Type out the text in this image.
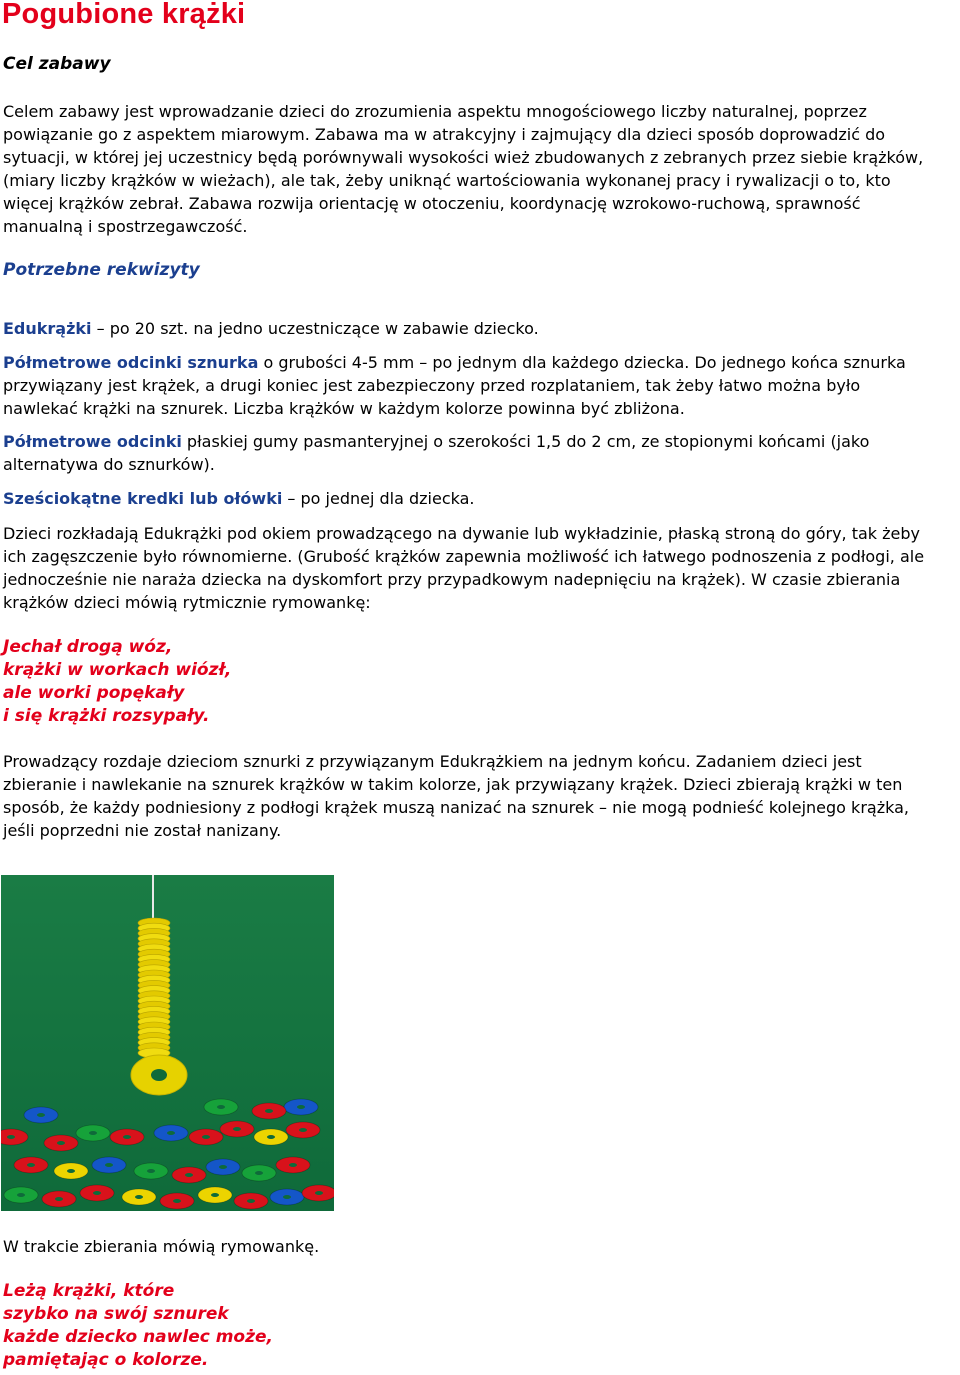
Pogubione krążki
Cel zabawy
Celem zabawy jest wprowadzanie dzieci do zrozumienia aspektu mnogościowego liczby naturalnej, poprzez
powiązanie go z aspektem miarowym. Zabawa ma w atrakcyjny i zajmujący dla dzieci sposób doprowadzić do
sytuacji, w której jej uczestnicy będą porównywali wysokości wież zbudowanych z zebranych przez siebie krążków,
(miary liczby krążków w wieżach), ale tak, żeby uniknąć wartościowania wykonanej pracy i rywalizacji o to, kto
więcej krążków zebrał. Zabawa rozwija orientację w otoczeniu, koordynację wzrokowo-ruchową, sprawność
manualną i spostrzegawczość.
Potrzebne rekwizyty
Edukrążki – po 20 szt. na jedno uczestniczące w zabawie dziecko.
Półmetrowe odcinki sznurka o grubości 4-5 mm – po jednym dla każdego dziecka. Do jednego końca sznurka
przywiązany jest krążek, a drugi koniec jest zabezpieczony przed rozplataniem, tak żeby łatwo można było
nawlekać krążki na sznurek. Liczba krążków w każdym kolorze powinna być zbliżona.
Półmetrowe odcinki płaskiej gumy pasmanteryjnej o szerokości 1,5 do 2 cm, ze stopionymi końcami (jako
alternatywa do sznurków).
Sześciokątne kredki lub ołówki – po jednej dla dziecka.
Dzieci rozkładają Edukrążki pod okiem prowadzącego na dywanie lub wykładzinie, płaską stroną do góry, tak żeby
ich zagęszczenie było równomierne. (Grubość krążków zapewnia możliwość ich łatwego podnoszenia z podłogi, ale
jednocześnie nie naraża dziecka na dyskomfort przy przypadkowym nadepnięciu na krążek). W czasie zbierania
krążków dzieci mówią rytmicznie rymowankę:
Jechał drogą wóz,
krążki w workach wiózł,
ale worki popękały
i się krążki rozsypały.
Prowadzący rozdaje dzieciom sznurki z przywiązanym Edukrążkiem na jednym końcu. Zadaniem dzieci jest
zbieranie i nawlekanie na sznurek krążków w takim kolorze, jak przywiązany krążek. Dzieci zbierają krążki w ten
sposób, że każdy podniesiony z podłogi krążek muszą nanizać na sznurek – nie mogą podnieść kolejnego krążka,
jeśli poprzedni nie został nanizany.
W trakcie zbierania mówią rymowankę.
Leżą krążki, które
szybko na swój sznurek
każde dziecko nawlec może,
pamiętając o kolorze.
